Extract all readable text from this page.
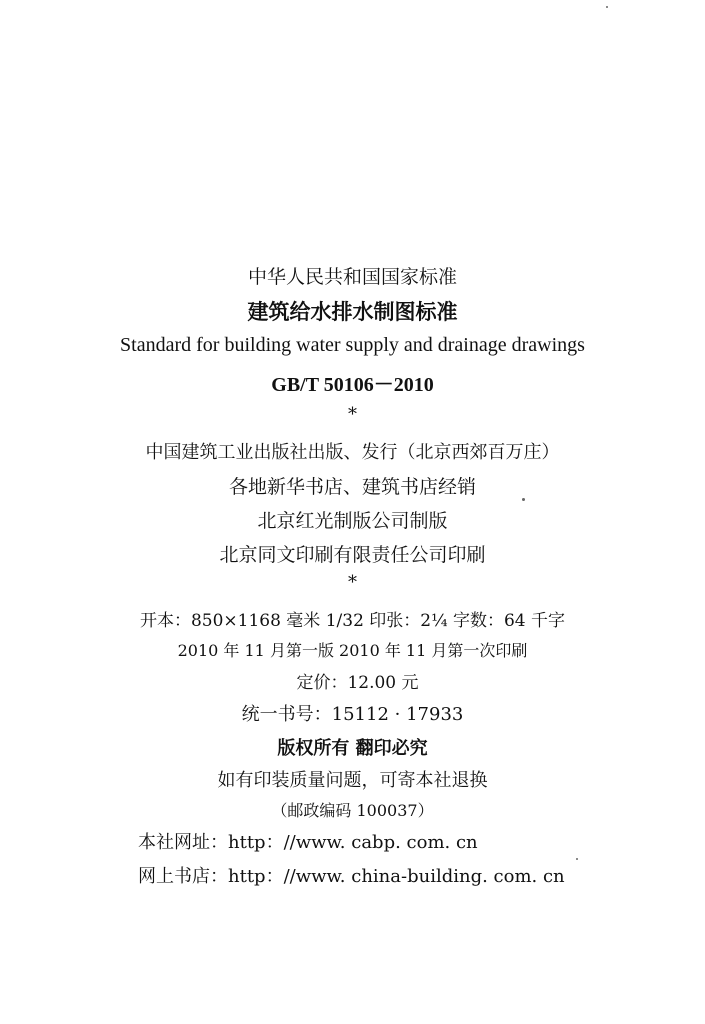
中华人民共和国国家标准
建筑给水排水制图标准
Standard for building water supply and drainage drawings
GB/T 50106－2010
*
中国建筑工业出版社出版、发行（北京西郊百万庄）
各地新华书店、建筑书店经销
北京红光制版公司制版
北京同文印刷有限责任公司印刷
*
开本：850×1168 毫米 1/32 印张：2¼ 字数：64 千字
2010 年 11 月第一版 2010 年 11 月第一次印刷
定价：12.00 元
统一书号：15112 · 17933
版权所有 翻印必究
如有印装质量问题，可寄本社退换
（邮政编码 100037）
本社网址：http：//www. cabp. com. cn
网上书店：http：//www. china-building. com. cn
